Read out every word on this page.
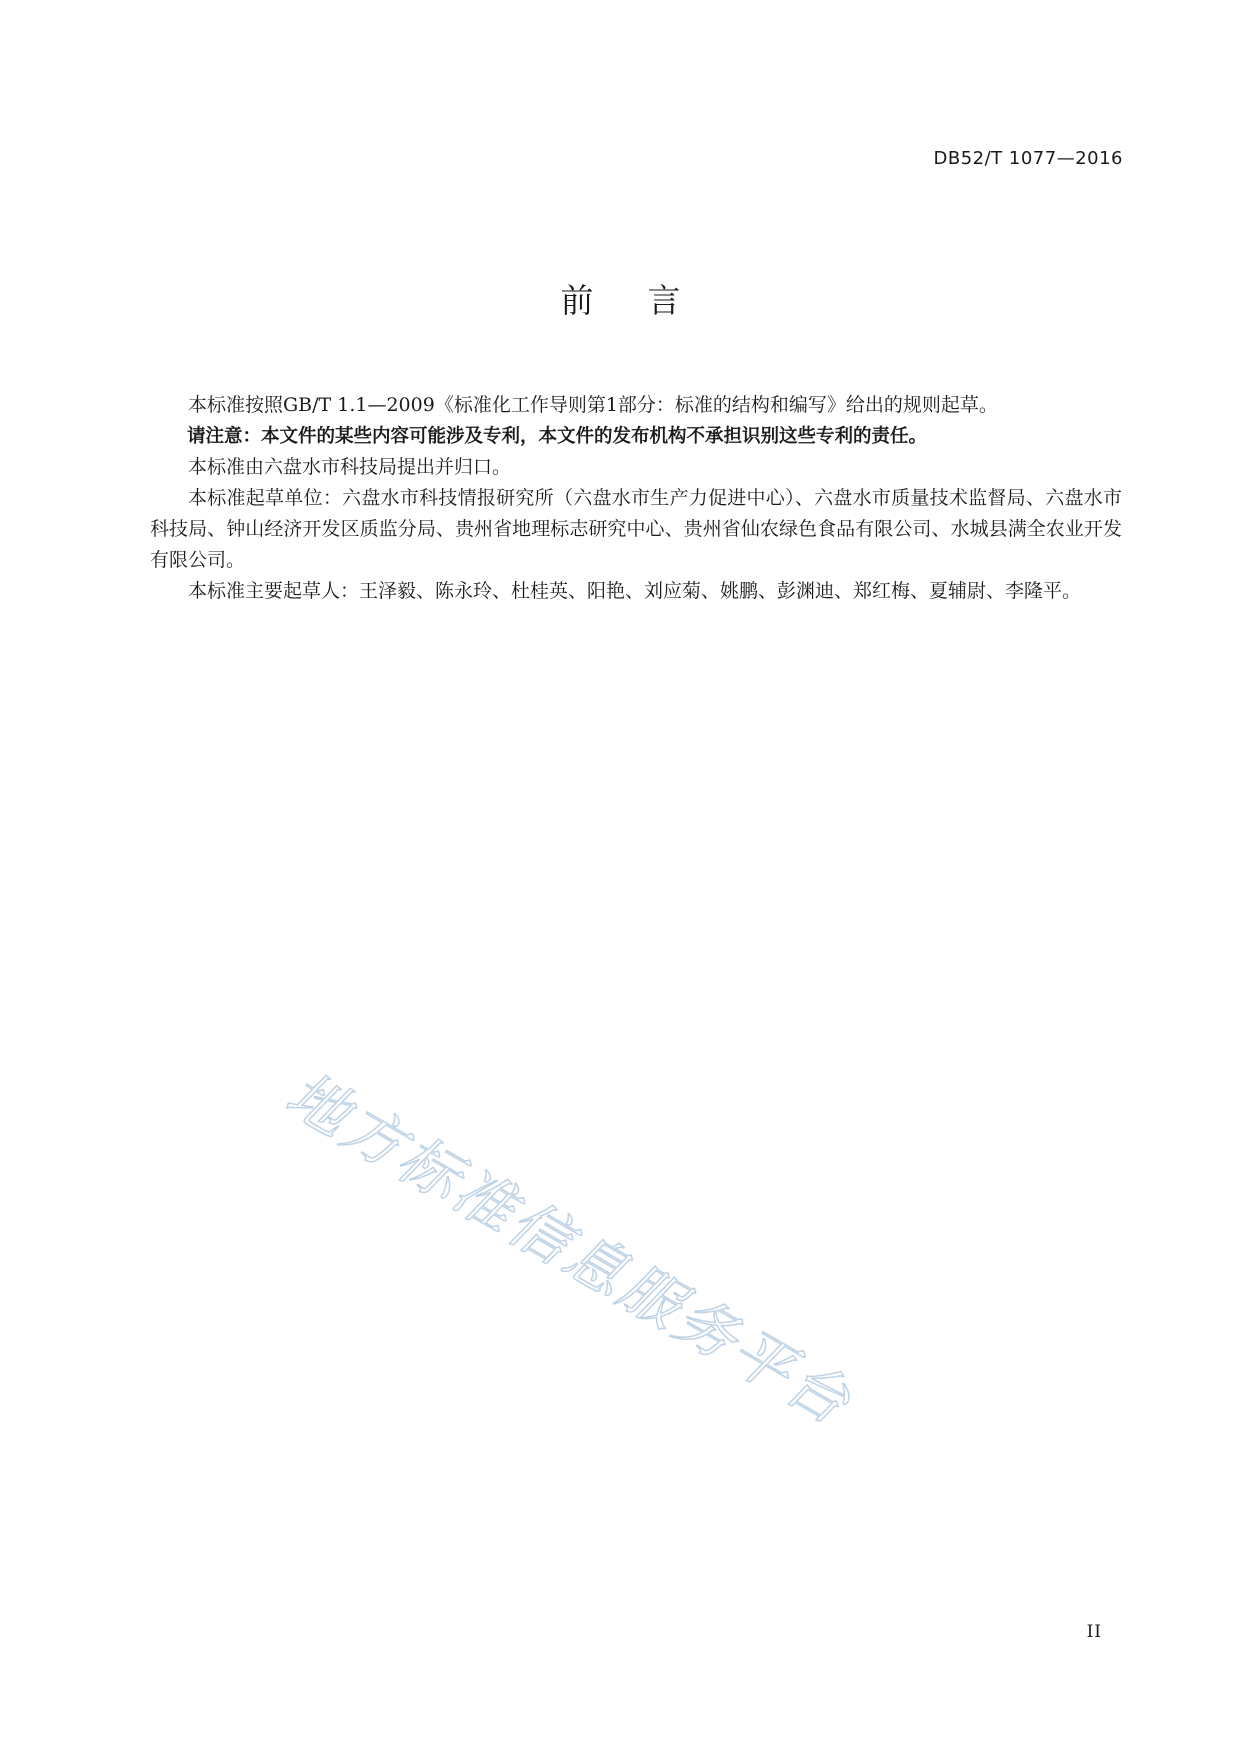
DB52/T 1077—2016
前言

本标准按照GB/T 1.1—2009《标准化工作导则第1部分：标准的结构和编写》给出的规则起草。

请注意：本文件的某些内容可能涉及专利，本文件的发布机构不承担识别这些专利的责任。

本标准由六盘水市科技局提出并归口。

本标准起草单位：六盘水市科技情报研究所（六盘水市生产力促进中心）、六盘水市质量技术监督局、六盘水市科技局、钟山经济开发区质监分局、贵州省地理标志研究中心、贵州省仙农绿色食品有限公司、水城县满全农业开发有限公司。

本标准主要起草人：王泽毅、陈永玲、杜桂英、阳艳、刘应菊、姚鹏、彭渊迪、郑红梅、夏辅尉、李隆平。

地方标准信息服务平台
II
